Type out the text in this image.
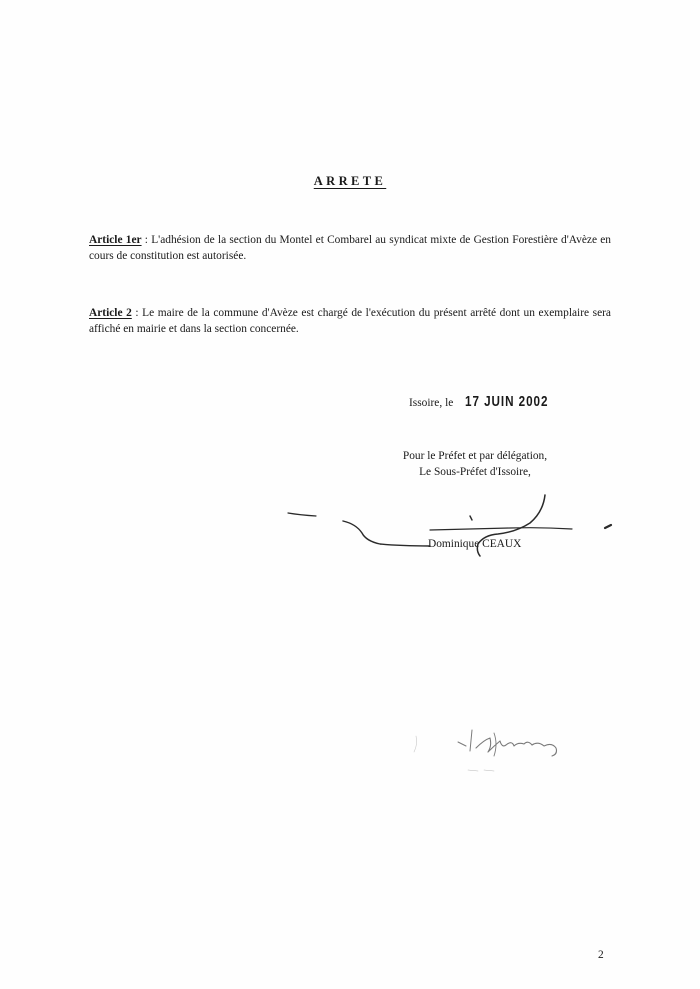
ARRETE

Article 1er : L'adhésion de la section du Montel et Combarel au syndicat mixte de Gestion Forestière d'Avèze en cours de constitution est autorisée.

Article 2 : Le maire de la commune d'Avèze est chargé de l'exécution du présent arrêté dont un exemplaire sera affiché en mairie et dans la section concernée.

Issoire, le 17 JUIN 2002
Pour le Préfet et par délégation,
Le Sous-Préfet d'Issoire,
Dominique CEAUX
2
